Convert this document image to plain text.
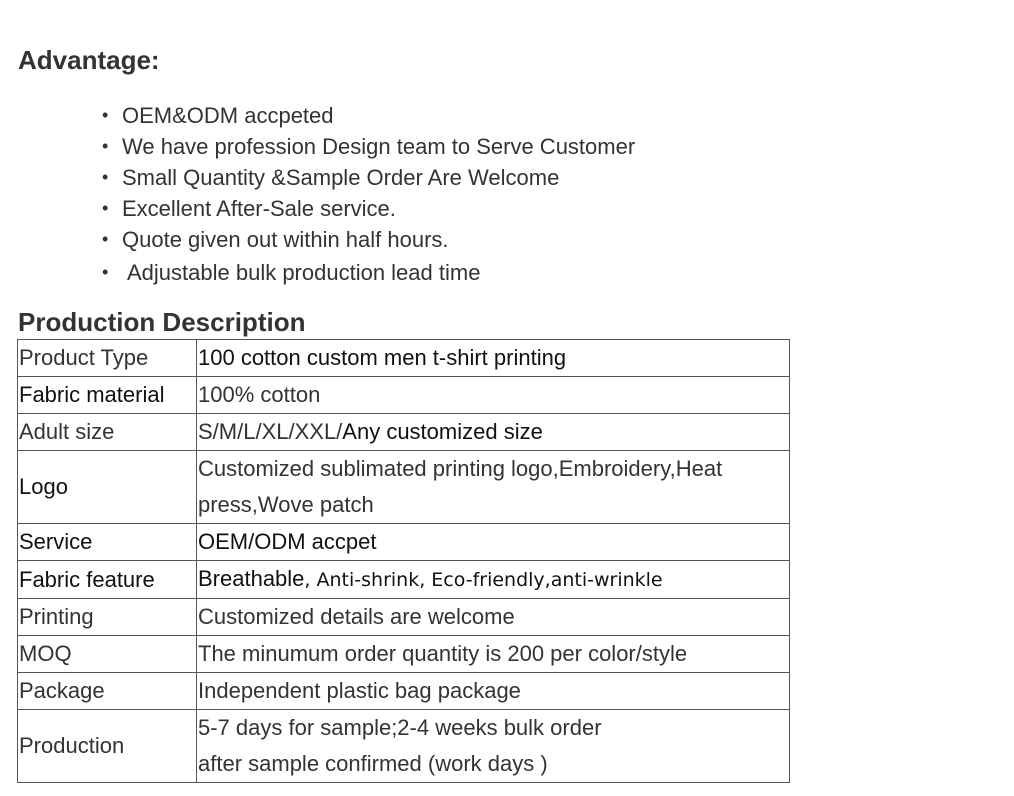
Advantage:
• OEM&ODM accpeted
• We have profession Design team to Serve Customer
• Small Quantity &Sample Order Are Welcome
• Excellent After-Sale service.
• Quote given out within half hours.
• Adjustable bulk production lead time
Production Description
Product Type	100 cotton custom men t-shirt printing
Fabric material	100% cotton
Adult size	S/M/L/XL/XXL/Any customized size
Logo	Customized sublimated printing logo,Embroidery,Heat
press,Wove patch

Service	OEM/ODM accpet
Fabric feature	Breathable, Anti-shrink, Eco-friendly,anti-wrinkle
Printing	Customized details are welcome
MOQ	The minumum order quantity is 200 per color/style
Package	Independent plastic bag package
Production	5-7 days for sample;2-4 weeks bulk order
after sample confirmed (work days )
